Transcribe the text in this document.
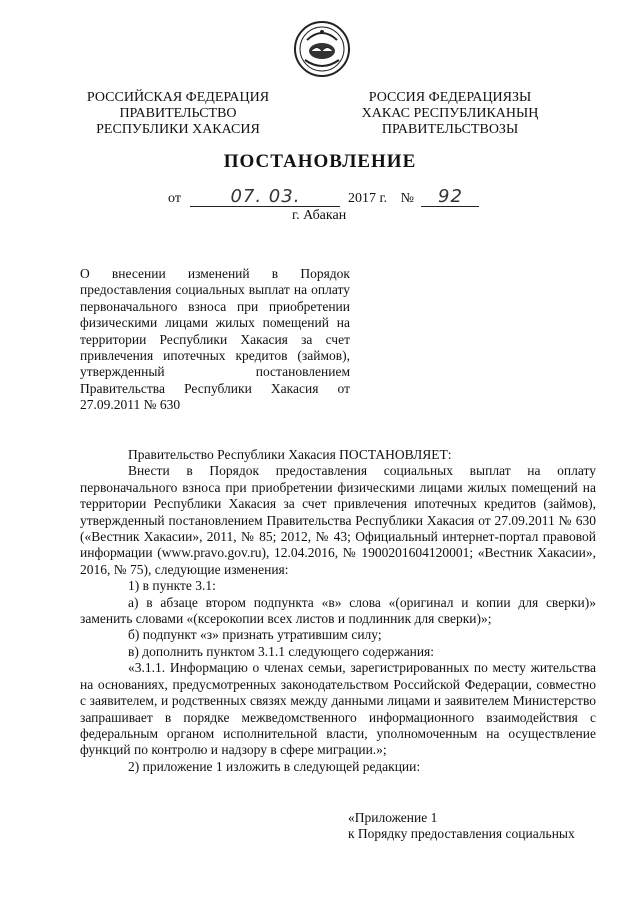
РОССИЙСКАЯ ФЕДЕРАЦИЯ
ПРАВИТЕЛЬСТВО
РЕСПУБЛИКИ ХАКАСИЯ
РОССИЯ ФЕДЕРАЦИЯЗЫ
ХАКАС РЕСПУБЛИКАНЫҢ
ПРАВИТЕЛЬСТВОЗЫ
ПОСТАНОВЛЕНИЕ
от	07. 03.	2017 г. № 92
г. Абакан
О внесении изменений в Порядок предоставления социальных выплат на оплату первоначального взноса при приобретении физическими лицами жилых помещений на территории Республики Хакасия за счет привлечения ипотечных кредитов (займов), утвержденный постановлением Правительства Республики Хакасия от 27.09.2011 № 630

Правительство Республики Хакасия ПОСТАНОВЛЯЕТ:

Внести в Порядок предоставления социальных выплат на оплату первоначального взноса при приобретении физическими лицами жилых помещений на территории Республики Хакасия за счет привлечения ипотечных кредитов (займов), утвержденный постановлением Правительства Республики Хакасия от 27.09.2011 № 630 («Вестник Хакасии», 2011, № 85; 2012, № 43; Официальный интернет-портал правовой информации (www.pravo.gov.ru), 12.04.2016, № 1900201604120001; «Вестник Хакасии», 2016, № 75), следующие изменения:

1) в пункте 3.1:

а) в абзаце втором подпункта «в» слова «(оригинал и копии для сверки)» заменить словами «(ксерокопии всех листов и подлинник для сверки)»;

б) подпункт «з» признать утратившим силу;

в) дополнить пунктом 3.1.1 следующего содержания:

«3.1.1. Информацию о членах семьи, зарегистрированных по месту жительства на основаниях, предусмотренных законодательством Российской Федерации, совместно с заявителем, и родственных связях между данными лицами и заявителем Министерство запрашивает в порядке межведомственного информационного взаимодействия с федеральным органом исполнительной власти, уполномоченным на осуществление функций по контролю и надзору в сфере миграции.»;

2) приложение 1 изложить в следующей редакции:

«Приложение 1
к Порядку предоставления социальных
